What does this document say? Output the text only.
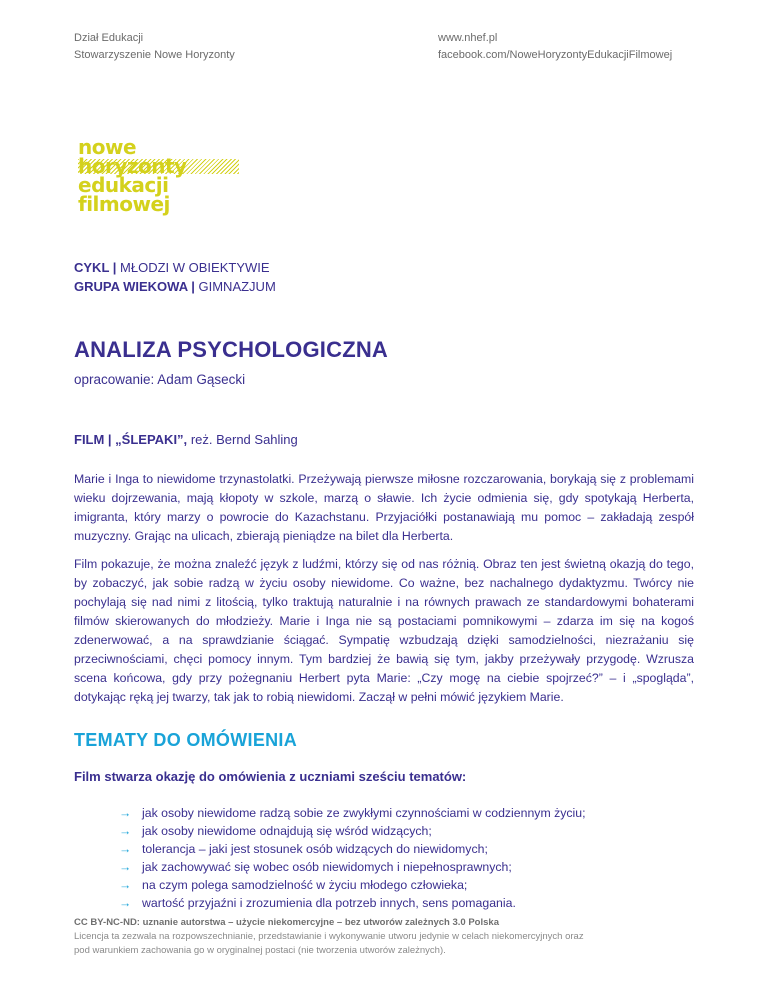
Dział Edukacji
Stowarzyszenie Nowe Horyzonty
www.nhef.pl
facebook.com/NoweHoryzontyEdukacjiFilmowej
nowe
horyzonty
edukacji
filmowej
CYKL | MŁODZI W OBIEKTYWIE
GRUPA WIEKOWA | GIMNAZJUM
ANALIZA PSYCHOLOGICZNA
opracowanie: Adam Gąsecki
FILM | „ŚLEPAKI”, reż. Bernd Sahling

Marie i Inga to niewidome trzynastolatki. Przeżywają pierwsze miłosne rozczarowania, borykają się z problemami wieku dojrzewania, mają kłopoty w szkole, marzą o sławie. Ich życie odmienia się, gdy spotykają Herberta, imigranta, który marzy o powrocie do Kazachstanu. Przyjaciółki postanawiają mu pomoc – zakładają zespół muzyczny. Grając na ulicach, zbierają pieniądze na bilet dla Herberta.

Film pokazuje, że można znaleźć język z ludźmi, którzy się od nas różnią. Obraz ten jest świetną okazją do tego, by zobaczyć, jak sobie radzą w życiu osoby niewidome. Co ważne, bez nachalnego dydaktyzmu. Twórcy nie pochylają się nad nimi z litością, tylko traktują naturalnie i na równych prawach ze standardowymi bohaterami filmów skierowanych do młodzieży. Marie i Inga nie są postaciami pomnikowymi – zdarza im się na kogoś zdenerwować, a na sprawdzianie ściągać. Sympatię wzbudzają dzięki samodzielności, niezrażaniu się przeciwnościami, chęci pomocy innym. Tym bardziej że bawią się tym, jakby przeżywały przygodę. Wzrusza scena końcowa, gdy przy pożegnaniu Herbert pyta Marie: „Czy mogę na ciebie spojrzeć?” – i „spogląda”, dotykając ręką jej twarzy, tak jak to robią niewidomi. Zaczął w pełni mówić językiem Marie.

TEMATY DO OMÓWIENIA
Film stwarza okazję do omówienia z uczniami sześciu tematów:
→ jak osoby niewidome radzą sobie ze zwykłymi czynnościami w codziennym życiu;
→ jak osoby niewidome odnajdują się wśród widzących;
→ tolerancja – jaki jest stosunek osób widzących do niewidomych;
→ jak zachowywać się wobec osób niewidomych i niepełnosprawnych;
→ na czym polega samodzielność w życiu młodego człowieka;
→ wartość przyjaźni i zrozumienia dla potrzeb innych, sens pomagania.
CC BY-NC-ND: uznanie autorstwa – użycie niekomercyjne – bez utworów zależnych 3.0 Polska
Licencja ta zezwala na rozpowszechnianie, przedstawianie i wykonywanie utworu jedynie w celach niekomercyjnych oraz
pod warunkiem zachowania go w oryginalnej postaci (nie tworzenia utworów zależnych).
